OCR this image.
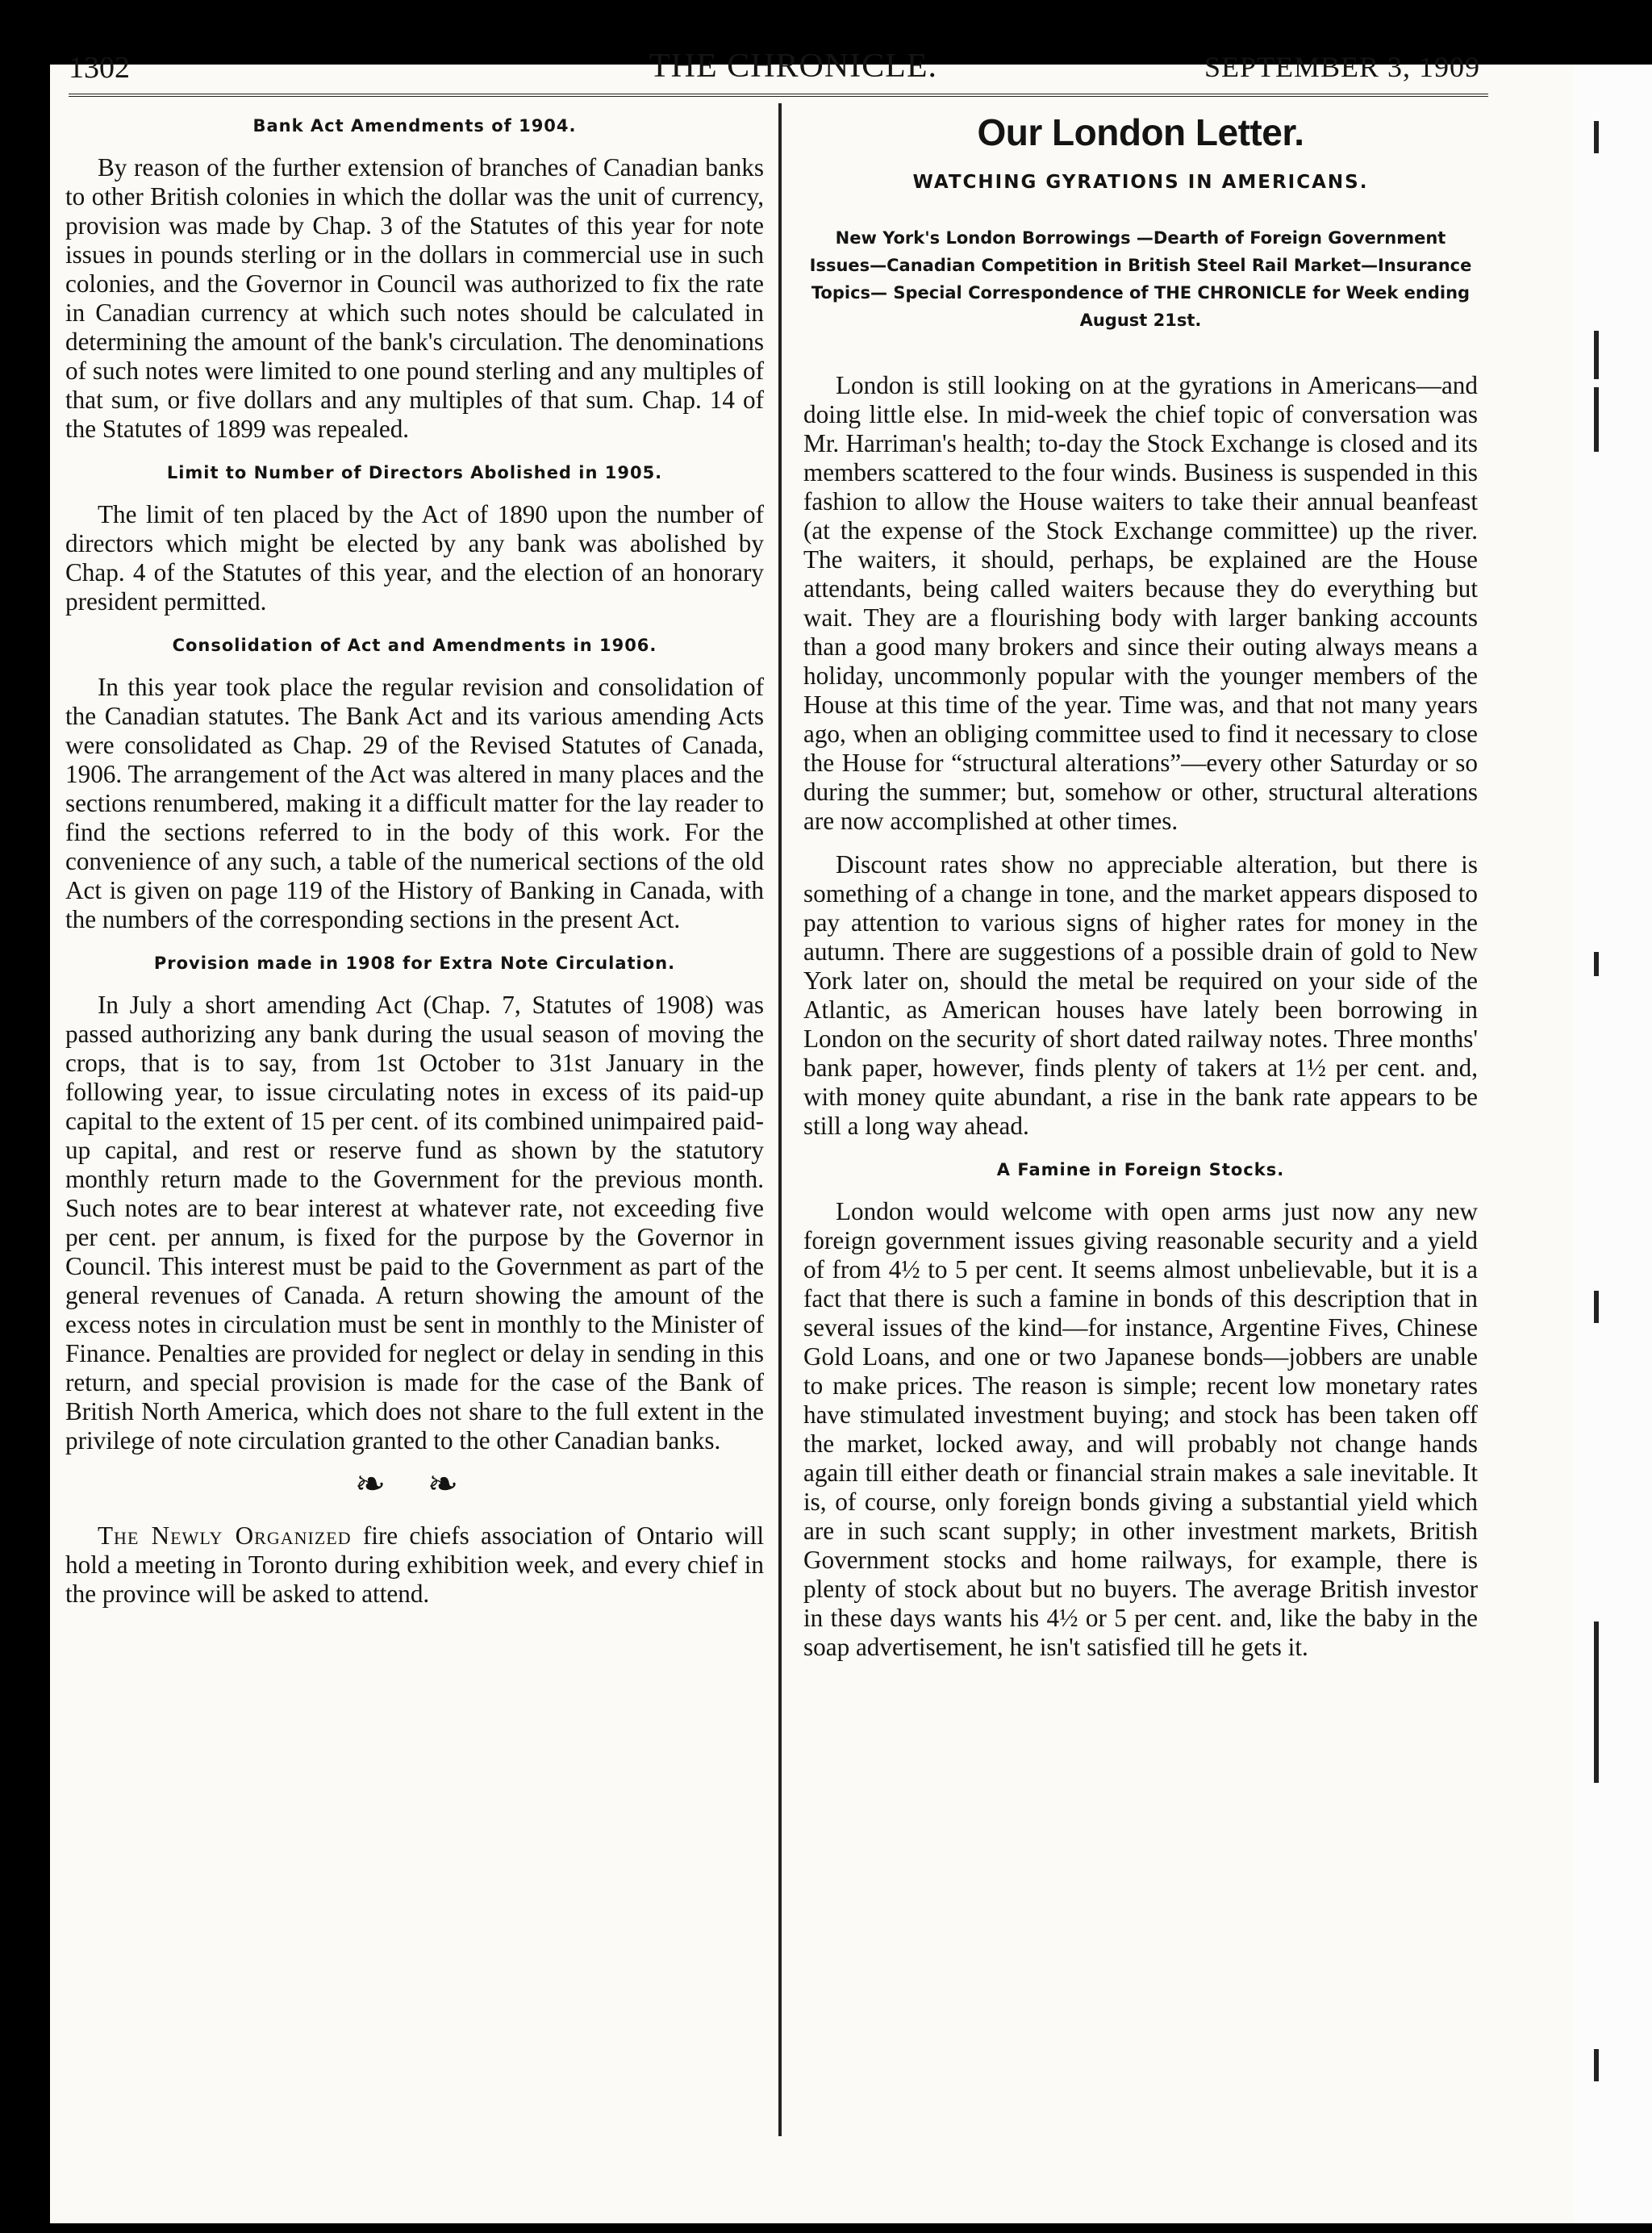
1302	THE CHRONICLE.	SEPTEMBER 3, 1909
Bank Act Amendments of 1904.

By reason of the further extension of branches of Canadian banks to other British colonies in which the dollar was the unit of currency, provision was made by Chap. 3 of the Statutes of this year for note issues in pounds sterling or in the dollars in commercial use in such colonies, and the Governor in Council was authorized to fix the rate in Canadian currency at which such notes should be calculated in determining the amount of the bank's circulation. The denominations of such notes were limited to one pound sterling and any multiples of that sum, or five dollars and any multiples of that sum. Chap. 14 of the Statutes of 1899 was repealed.

Limit to Number of Directors Abolished in 1905.

The limit of ten placed by the Act of 1890 upon the number of directors which might be elected by any bank was abolished by Chap. 4 of the Statutes of this year, and the election of an honorary president permitted.

Consolidation of Act and Amendments in 1906.

In this year took place the regular revision and consolidation of the Canadian statutes. The Bank Act and its various amending Acts were consolidated as Chap. 29 of the Revised Statutes of Canada, 1906. The arrangement of the Act was altered in many places and the sections renumbered, making it a difficult matter for the lay reader to find the sections referred to in the body of this work. For the convenience of any such, a table of the numerical sections of the old Act is given on page 119 of the History of Banking in Canada, with the numbers of the corresponding sections in the present Act.

Provision made in 1908 for Extra Note Circulation.

In July a short amending Act (Chap. 7, Statutes of 1908) was passed authorizing any bank during the usual season of moving the crops, that is to say, from 1st October to 31st January in the following year, to issue circulating notes in excess of its paid-up capital to the extent of 15 per cent. of its combined unimpaired paid-up capital, and rest or reserve fund as shown by the statutory monthly return made to the Government for the previous month. Such notes are to bear interest at whatever rate, not exceeding five per cent. per annum, is fixed for the purpose by the Governor in Council. This interest must be paid to the Government as part of the general revenues of Canada. A return showing the amount of the excess notes in circulation must be sent in monthly to the Minister of Finance. Penalties are provided for neglect or delay in sending in this return, and special provision is made for the case of the Bank of British North America, which does not share to the full extent in the privilege of note circulation granted to the other Canadian banks.

❧ ❧

The Newly Organized fire chiefs association of Ontario will hold a meeting in Toronto during exhibition week, and every chief in the province will be asked to attend.

Our London Letter.
WATCHING GYRATIONS IN AMERICANS.
New York's London Borrowings —Dearth of Foreign Government Issues—Canadian Competition in British Steel Rail Market—Insurance Topics— Special Correspondence of THE CHRONICLE for Week ending August 21st.

London is still looking on at the gyrations in Americans—and doing little else. In mid-week the chief topic of conversation was Mr. Harriman's health; to-day the Stock Exchange is closed and its members scattered to the four winds. Business is suspended in this fashion to allow the House waiters to take their annual beanfeast (at the expense of the Stock Exchange committee) up the river. The waiters, it should, perhaps, be explained are the House attendants, being called waiters because they do everything but wait. They are a flourishing body with larger banking accounts than a good many brokers and since their outing always means a holiday, uncommonly popular with the younger members of the House at this time of the year. Time was, and that not many years ago, when an obliging committee used to find it necessary to close the House for “structural alterations”—every other Saturday or so during the summer; but, somehow or other, structural alterations are now accomplished at other times.

Discount rates show no appreciable alteration, but there is something of a change in tone, and the market appears disposed to pay attention to various signs of higher rates for money in the autumn. There are suggestions of a possible drain of gold to New York later on, should the metal be required on your side of the Atlantic, as American houses have lately been borrowing in London on the security of short dated railway notes. Three months' bank paper, however, finds plenty of takers at 1½ per cent. and, with money quite abundant, a rise in the bank rate appears to be still a long way ahead.

A Famine in Foreign Stocks.

London would welcome with open arms just now any new foreign government issues giving reasonable security and a yield of from 4½ to 5 per cent. It seems almost unbelievable, but it is a fact that there is such a famine in bonds of this description that in several issues of the kind—for instance, Argentine Fives, Chinese Gold Loans, and one or two Japanese bonds—jobbers are unable to make prices. The reason is simple; recent low monetary rates have stimulated investment buying; and stock has been taken off the market, locked away, and will probably not change hands again till either death or financial strain makes a sale inevitable. It is, of course, only foreign bonds giving a substantial yield which are in such scant supply; in other investment markets, British Government stocks and home railways, for example, there is plenty of stock about but no buyers. The average British investor in these days wants his 4½ or 5 per cent. and, like the baby in the soap advertisement, he isn't satisfied till he gets it.
